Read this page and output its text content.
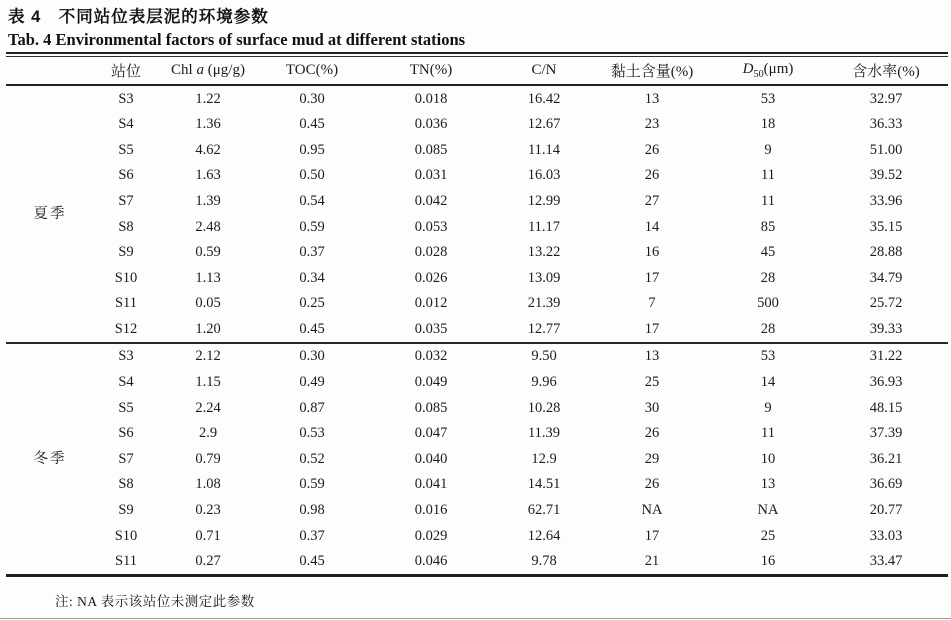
表 4　不同站位表层泥的环境参数
Tab. 4 Environmental factors of surface mud at different stations
	站位	Chl a (μg/g)	TOC(%)	TN(%)	C/N	黏土含量(%)	$D_{50}(\mu m)$	含水率(%)
夏季	S3	1.22	0.30	0.018	16.42	13	53	32.97
	S4	1.36	0.45	0.036	12.67	23	18	36.33
	S5	4.62	0.95	0.085	11.14	26	9	51.00
	S6	1.63	0.50	0.031	16.03	26	11	39.52
	S7	1.39	0.54	0.042	12.99	27	11	33.96
	S8	2.48	0.59	0.053	11.17	14	85	35.15
	S9	0.59	0.37	0.028	13.22	16	45	28.88
	S10	1.13	0.34	0.026	13.09	17	28	34.79
	S11	0.05	0.25	0.012	21.39	7	500	25.72
	S12	1.20	0.45	0.035	12.77	17	28	39.33
冬季	S3	2.12	0.30	0.032	9.50	13	53	31.22
	S4	1.15	0.49	0.049	9.96	25	14	36.93
	S5	2.24	0.87	0.085	10.28	30	9	48.15
	S6	2.9	0.53	0.047	11.39	26	11	37.39
	S7	0.79	0.52	0.040	12.9	29	10	36.21
	S8	1.08	0.59	0.041	14.51	26	13	36.69
	S9	0.23	0.98	0.016	62.71	NA	NA	20.77
	S10	0.71	0.37	0.029	12.64	17	25	33.03
	S11	0.27	0.45	0.046	9.78	21	16	33.47
注: NA 表示该站位未测定此参数
